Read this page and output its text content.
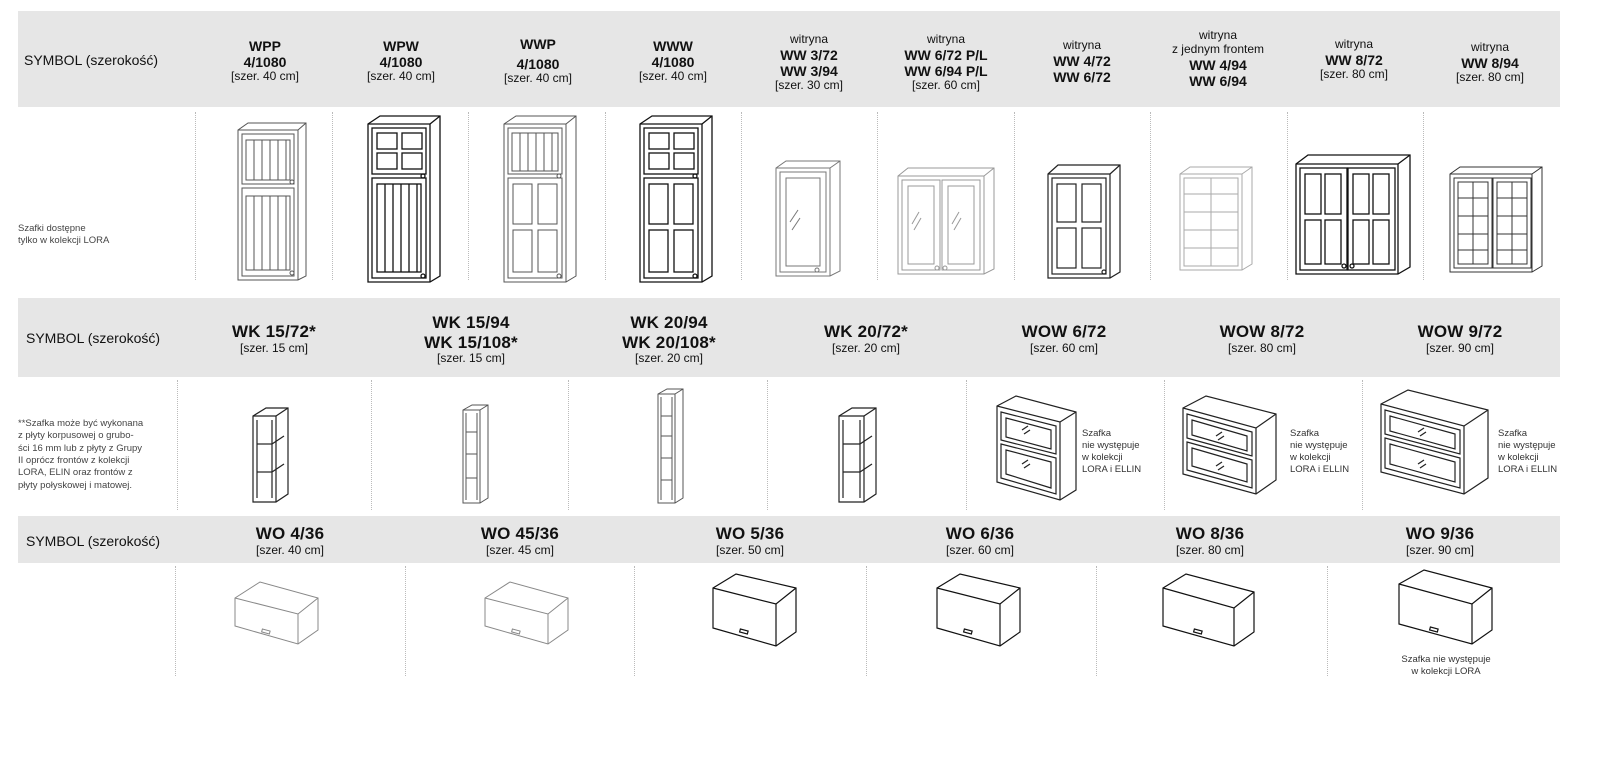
SYMBOL (szerokość)
SYMBOL (szerokość)
SYMBOL (szerokość)
WPP
4/1080
[szer. 40 cm]
WPW
4/1080
[szer. 40 cm]
WWP
4/1080
[szer. 40 cm]
WWW
4/1080
[szer. 40 cm]
witryna
WW 3/72
WW 3/94
[szer. 30 cm]
witryna
WW 6/72 P/L
WW 6/94 P/L
[szer. 60 cm]
witryna
WW 4/72
WW 6/72
witryna
z jednym frontem
WW 4/94
WW 6/94
witryna
WW 8/72
[szer. 80 cm]
witryna
WW 8/94
[szer. 80 cm]
Szafki dostępne
tylko w kolekcji LORA
WK 15/72*
[szer. 15 cm]
WK 15/94
WK 15/108*
[szer. 15 cm]
WK 20/94
WK 20/108*
[szer. 20 cm]
WK 20/72*
[szer. 20 cm]
WOW 6/72
[szer. 60 cm]
WOW 8/72
[szer. 80 cm]
WOW 9/72
[szer. 90 cm]
**Szafka może być wykonana
z płyty korpusowej o grubo-
ści 16 mm lub z płyty z Grupy
II oprócz frontów z kolekcji
LORA, ELIN oraz frontów z
płyty połyskowej i matowej.
Szafka
nie występuje
w kolekcji
LORA i ELLIN
Szafka
nie występuje
w kolekcji
LORA i ELLIN
Szafka
nie występuje
w kolekcji
LORA i ELLIN
WO 4/36
[szer. 40 cm]
WO 45/36
[szer. 45 cm]
WO 5/36
[szer. 50 cm]
WO 6/36
[szer. 60 cm]
WO 8/36
[szer. 80 cm]
WO 9/36
[szer. 90 cm]
Szafka nie występuje
w kolekcji LORA
